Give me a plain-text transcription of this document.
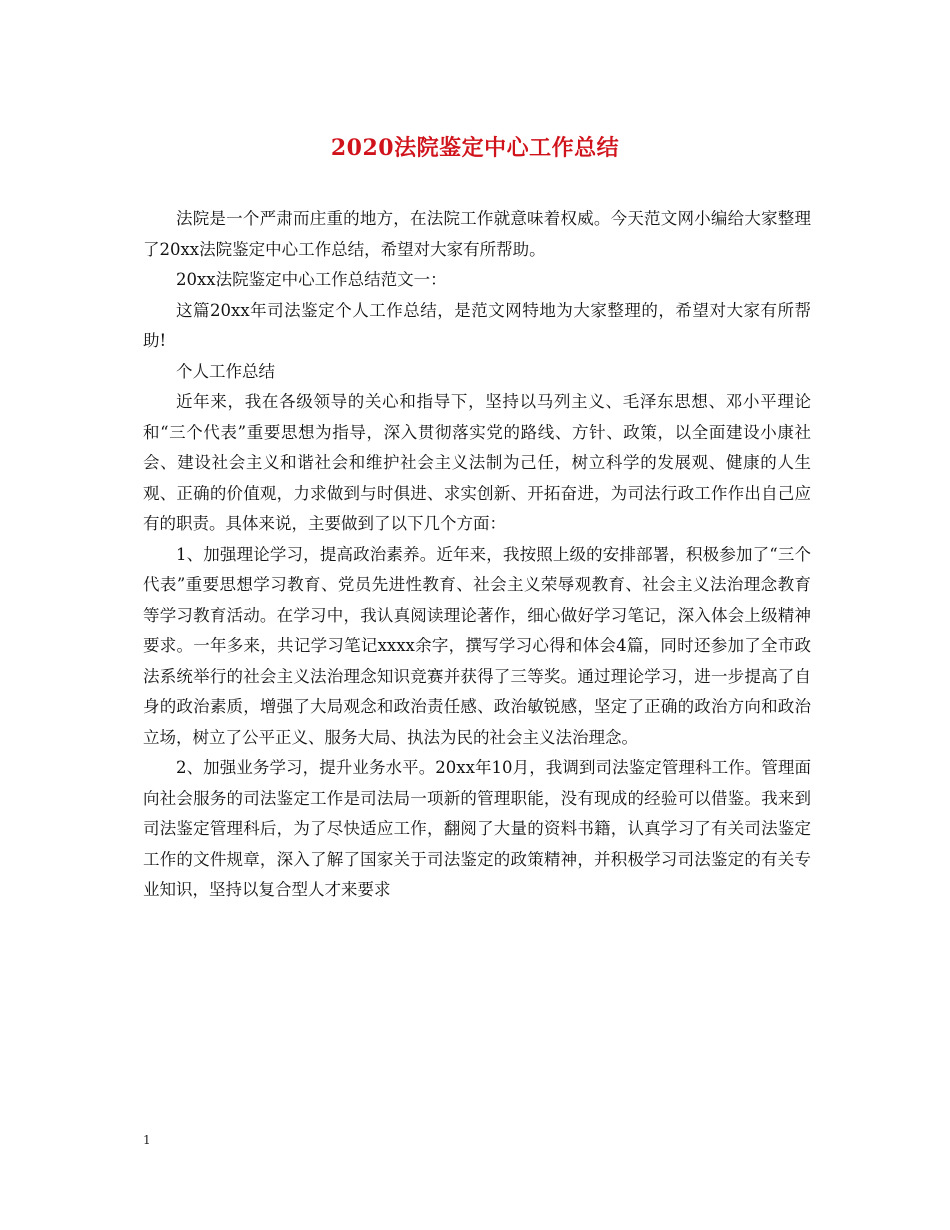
2020法院鉴定中心工作总结

法院是一个严肃而庄重的地方，在法院工作就意味着权威。今天范文网小编给大家整理了20xx法院鉴定中心工作总结，希望对大家有所帮助。

20xx法院鉴定中心工作总结范文一：

这篇20xx年司法鉴定个人工作总结，是范文网特地为大家整理的，希望对大家有所帮助!

个人工作总结

近年来，我在各级领导的关心和指导下，坚持以马列主义、毛泽东思想、邓小平理论和“三个代表”重要思想为指导，深入贯彻落实党的路线、方针、政策，以全面建设小康社会、建设社会主义和谐社会和维护社会主义法制为己任，树立科学的发展观、健康的人生观、正确的价值观，力求做到与时俱进、求实创新、开拓奋进，为司法行政工作作出自己应有的职责。具体来说，主要做到了以下几个方面：

1、加强理论学习，提高政治素养。近年来，我按照上级的安排部署，积极参加了“三个代表”重要思想学习教育、党员先进性教育、社会主义荣辱观教育、社会主义法治理念教育等学习教育活动。在学习中，我认真阅读理论著作，细心做好学习笔记，深入体会上级精神要求。一年多来，共记学习笔记xxxx余字，撰写学习心得和体会4篇，同时还参加了全市政法系统举行的社会主义法治理念知识竞赛并获得了三等奖。通过理论学习，进一步提高了自身的政治素质，增强了大局观念和政治责任感、政治敏锐感，坚定了正确的政治方向和政治立场，树立了公平正义、服务大局、执法为民的社会主义法治理念。

2、加强业务学习，提升业务水平。20xx年10月，我调到司法鉴定管理科工作。管理面向社会服务的司法鉴定工作是司法局一项新的管理职能，没有现成的经验可以借鉴。我来到司法鉴定管理科后，为了尽快适应工作，翻阅了大量的资料书籍，认真学习了有关司法鉴定工作的文件规章，深入了解了国家关于司法鉴定的政策精神，并积极学习司法鉴定的有关专业知识，坚持以复合型人才来要求

1
